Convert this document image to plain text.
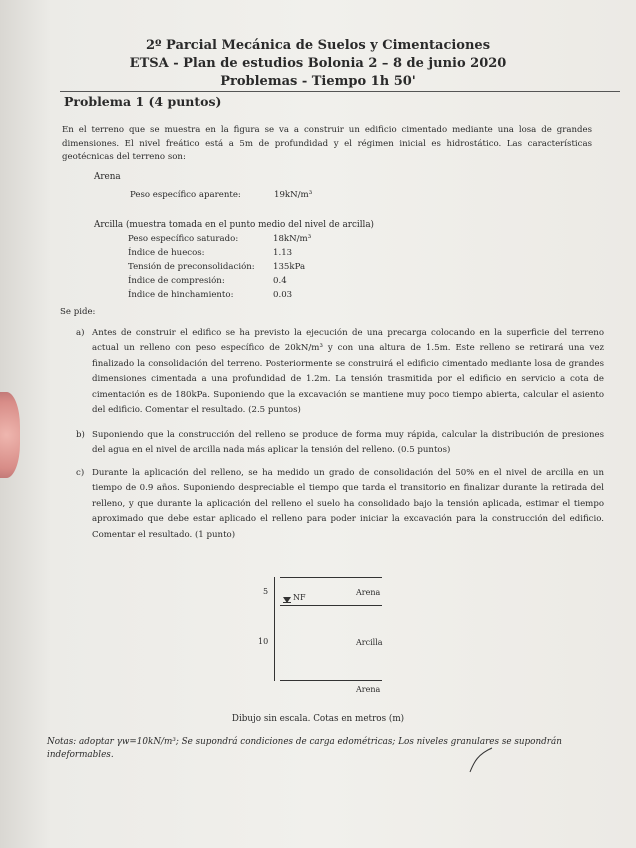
2º Parcial Mecánica de Suelos y Cimentaciones
ETSA - Plan de estudios Bolonia 2 – 8 de junio 2020
Problemas - Tiempo 1h 50'
Problema 1 (4 puntos)
En el terreno que se muestra en la figura se va a construir un edificio cimentado mediante una losa de grandes dimensiones. El nivel freático está a 5m de profundidad y el régimen inicial es hidrostático. Las características geotécnicas del terreno son:
Arena
Peso específico aparente:	19kN/m³
Arcilla (muestra tomada en el punto medio del nivel de arcilla)
Peso específico saturado:	18kN/m³
Índice de huecos:	1.13
Tensión de preconsolidación: 135kPa
Índice de compresión:	0.4
Índice de hinchamiento:	0.03
Se pide:
a) Antes de construir el edifico se ha previsto la ejecución de una precarga colocando en la superficie del terreno actual un relleno con peso específico de 20kN/m³ y con una altura de 1.5m. Este relleno se retirará una vez finalizado la consolidación del terreno. Posteriormente se construirá el edificio cimentado mediante losa de grandes dimensiones cimentada a una profundidad de 1.2m. La tensión trasmitida por el edificio en servicio a cota de cimentación es de 180kPa. Suponiendo que la excavación se mantiene muy poco tiempo abierta, calcular el asiento del edificio. Comentar el resultado. (2.5 puntos)
b) Suponiendo que la construcción del relleno se produce de forma muy rápida, calcular la distribución de presiones del agua en el nivel de arcilla nada más aplicar la tensión del relleno. (0.5 puntos)
c) Durante la aplicación del relleno, se ha medido un grado de consolidación del 50% en el nivel de arcilla en un tiempo de 0.9 años. Suponiendo despreciable el tiempo que tarda el transitorio en finalizar durante la retirada del relleno, y que durante la aplicación del relleno el suelo ha consolidado bajo la tensión aplicada, estimar el tiempo aproximado que debe estar aplicado el relleno para poder iniciar la excavación para la construcción del edificio. Comentar el resultado. (1 punto)
5
10
NF
Arena
Arcilla
Arena
Dibujo sin escala. Cotas en metros (m)
Notas: adoptar γw=10kN/m³; Se supondrá condiciones de carga edométricas; Los niveles granulares se supondrán indeformables.
